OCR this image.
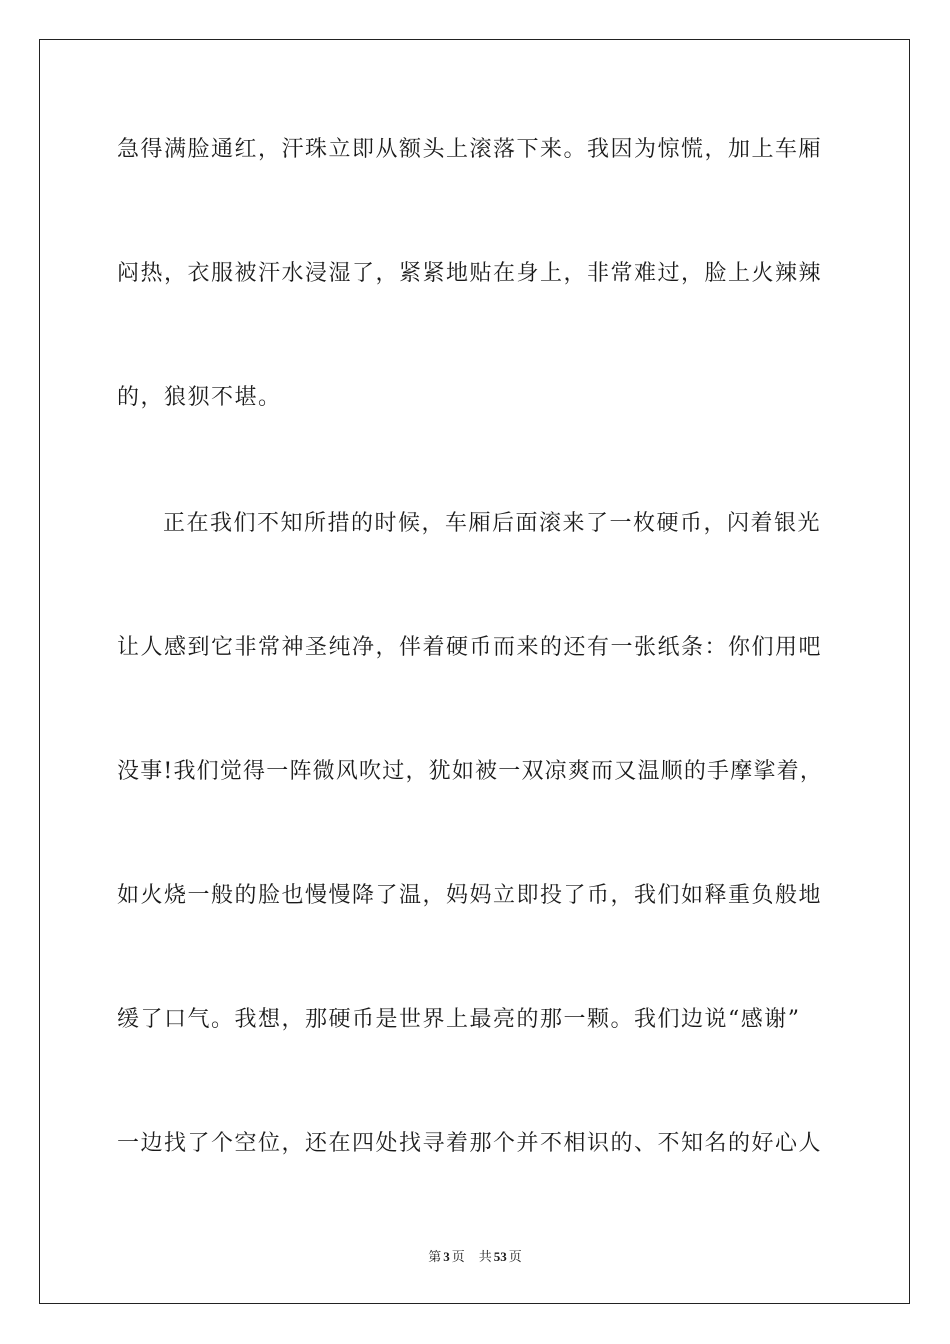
急得满脸通红，汗珠立即从额头上滚落下来。我因为惊慌，加上车厢
闷热，衣服被汗水浸湿了，紧紧地贴在身上，非常难过，脸上火辣辣
的，狼狈不堪。
正在我们不知所措的时候，车厢后面滚来了一枚硬币，闪着银光
让人感到它非常神圣纯净，伴着硬币而来的还有一张纸条：你们用吧
没事!我们觉得一阵微风吹过，犹如被一双凉爽而又温顺的手摩挲着，
如火烧一般的脸也慢慢降了温，妈妈立即投了币，我们如释重负般地
缓了口气。我想，那硬币是世界上最亮的那一颗。我们边说“感谢”
一边找了个空位，还在四处找寻着那个并不相识的、不知名的好心人
第 3 页 共 53 页
